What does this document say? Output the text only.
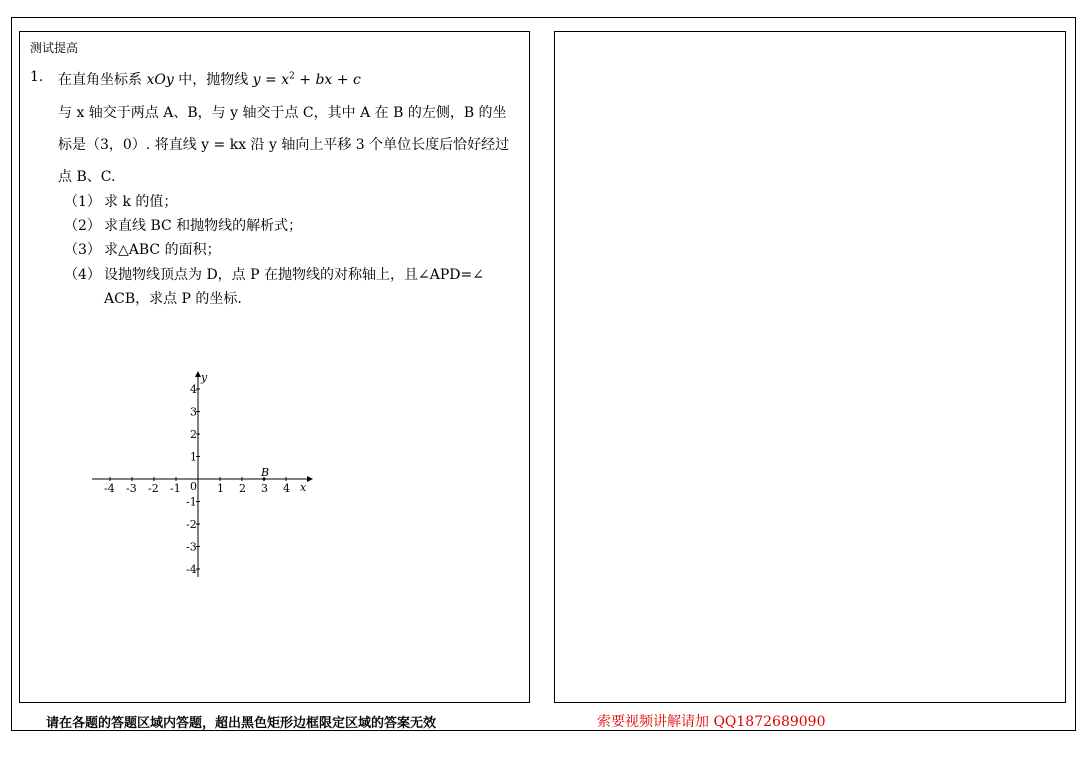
测试提高
1. 在直角坐标系 xOy 中，抛物线 $y = x^2$ + bx + c
与 x 轴交于两点 A、B，与 y 轴交于点 C，其中 A 在 B 的左侧，B 的坐
标是（3，0）. 将直线 y = kx 沿 y 轴向上平移 3 个单位长度后恰好经过
点 B、C.
（1） 求 k 的值；
（2） 求直线 BC 和抛物线的解析式；
（3） 求△ABC 的面积；
（4） 设抛物线顶点为 D，点 P 在抛物线的对称轴上，且∠APD=∠
ACB，求点 P 的坐标.
-4 -3 -2 -1	1 2 3 4
4
3
2
1
-1
-2
-3
-4
x
y
0
B
请在各题的答题区域内答题，超出黑色矩形边框限定区域的答案无效	索要视频讲解请加 QQ1872689090
